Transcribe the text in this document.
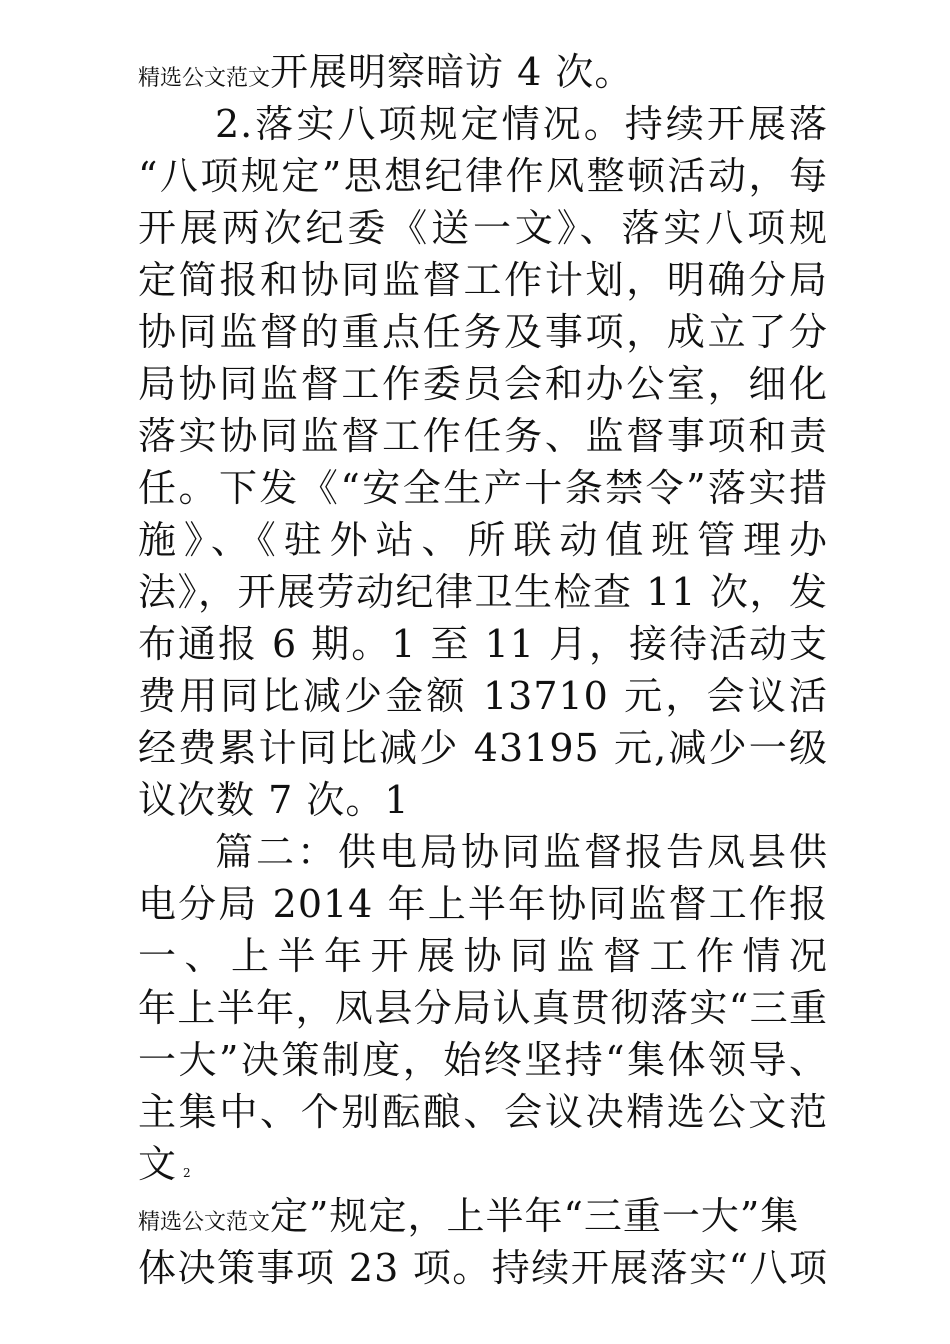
精选公文范文开展明察暗访 4 次。
2.落实八项规定情况。持续开展落
“八项规定”思想纪律作风整顿活动，每
开展两次纪委《送一文》、落实八项规
定简报和协同监督工作计划，明确分局
协同监督的重点任务及事项，成立了分
局协同监督工作委员会和办公室，细化
落实协同监督工作任务、监督事项和责
任。下发《“安全生产十条禁令”落实措
施》、《驻外站、所联动值班管理办
法》，开展劳动纪律卫生检查 11 次，发
布通报 6 期。1 至 11 月，接待活动支
费用同比减少金额 13710 元，会议活
经费累计同比减少 43195 元,减少一级
议次数 7 次。1
篇二：供电局协同监督报告凤县供
电分局 2014 年上半年协同监督工作报
一、上半年开展协同监督工作情况
年上半年，凤县分局认真贯彻落实“三重
一大”决策制度，始终坚持“集体领导、
主集中、个别酝酿、会议决精选公文范
文 2
精选公文范文定”规定，上半年“三重一大”集
体决策事项 23 项。持续开展落实“八项
